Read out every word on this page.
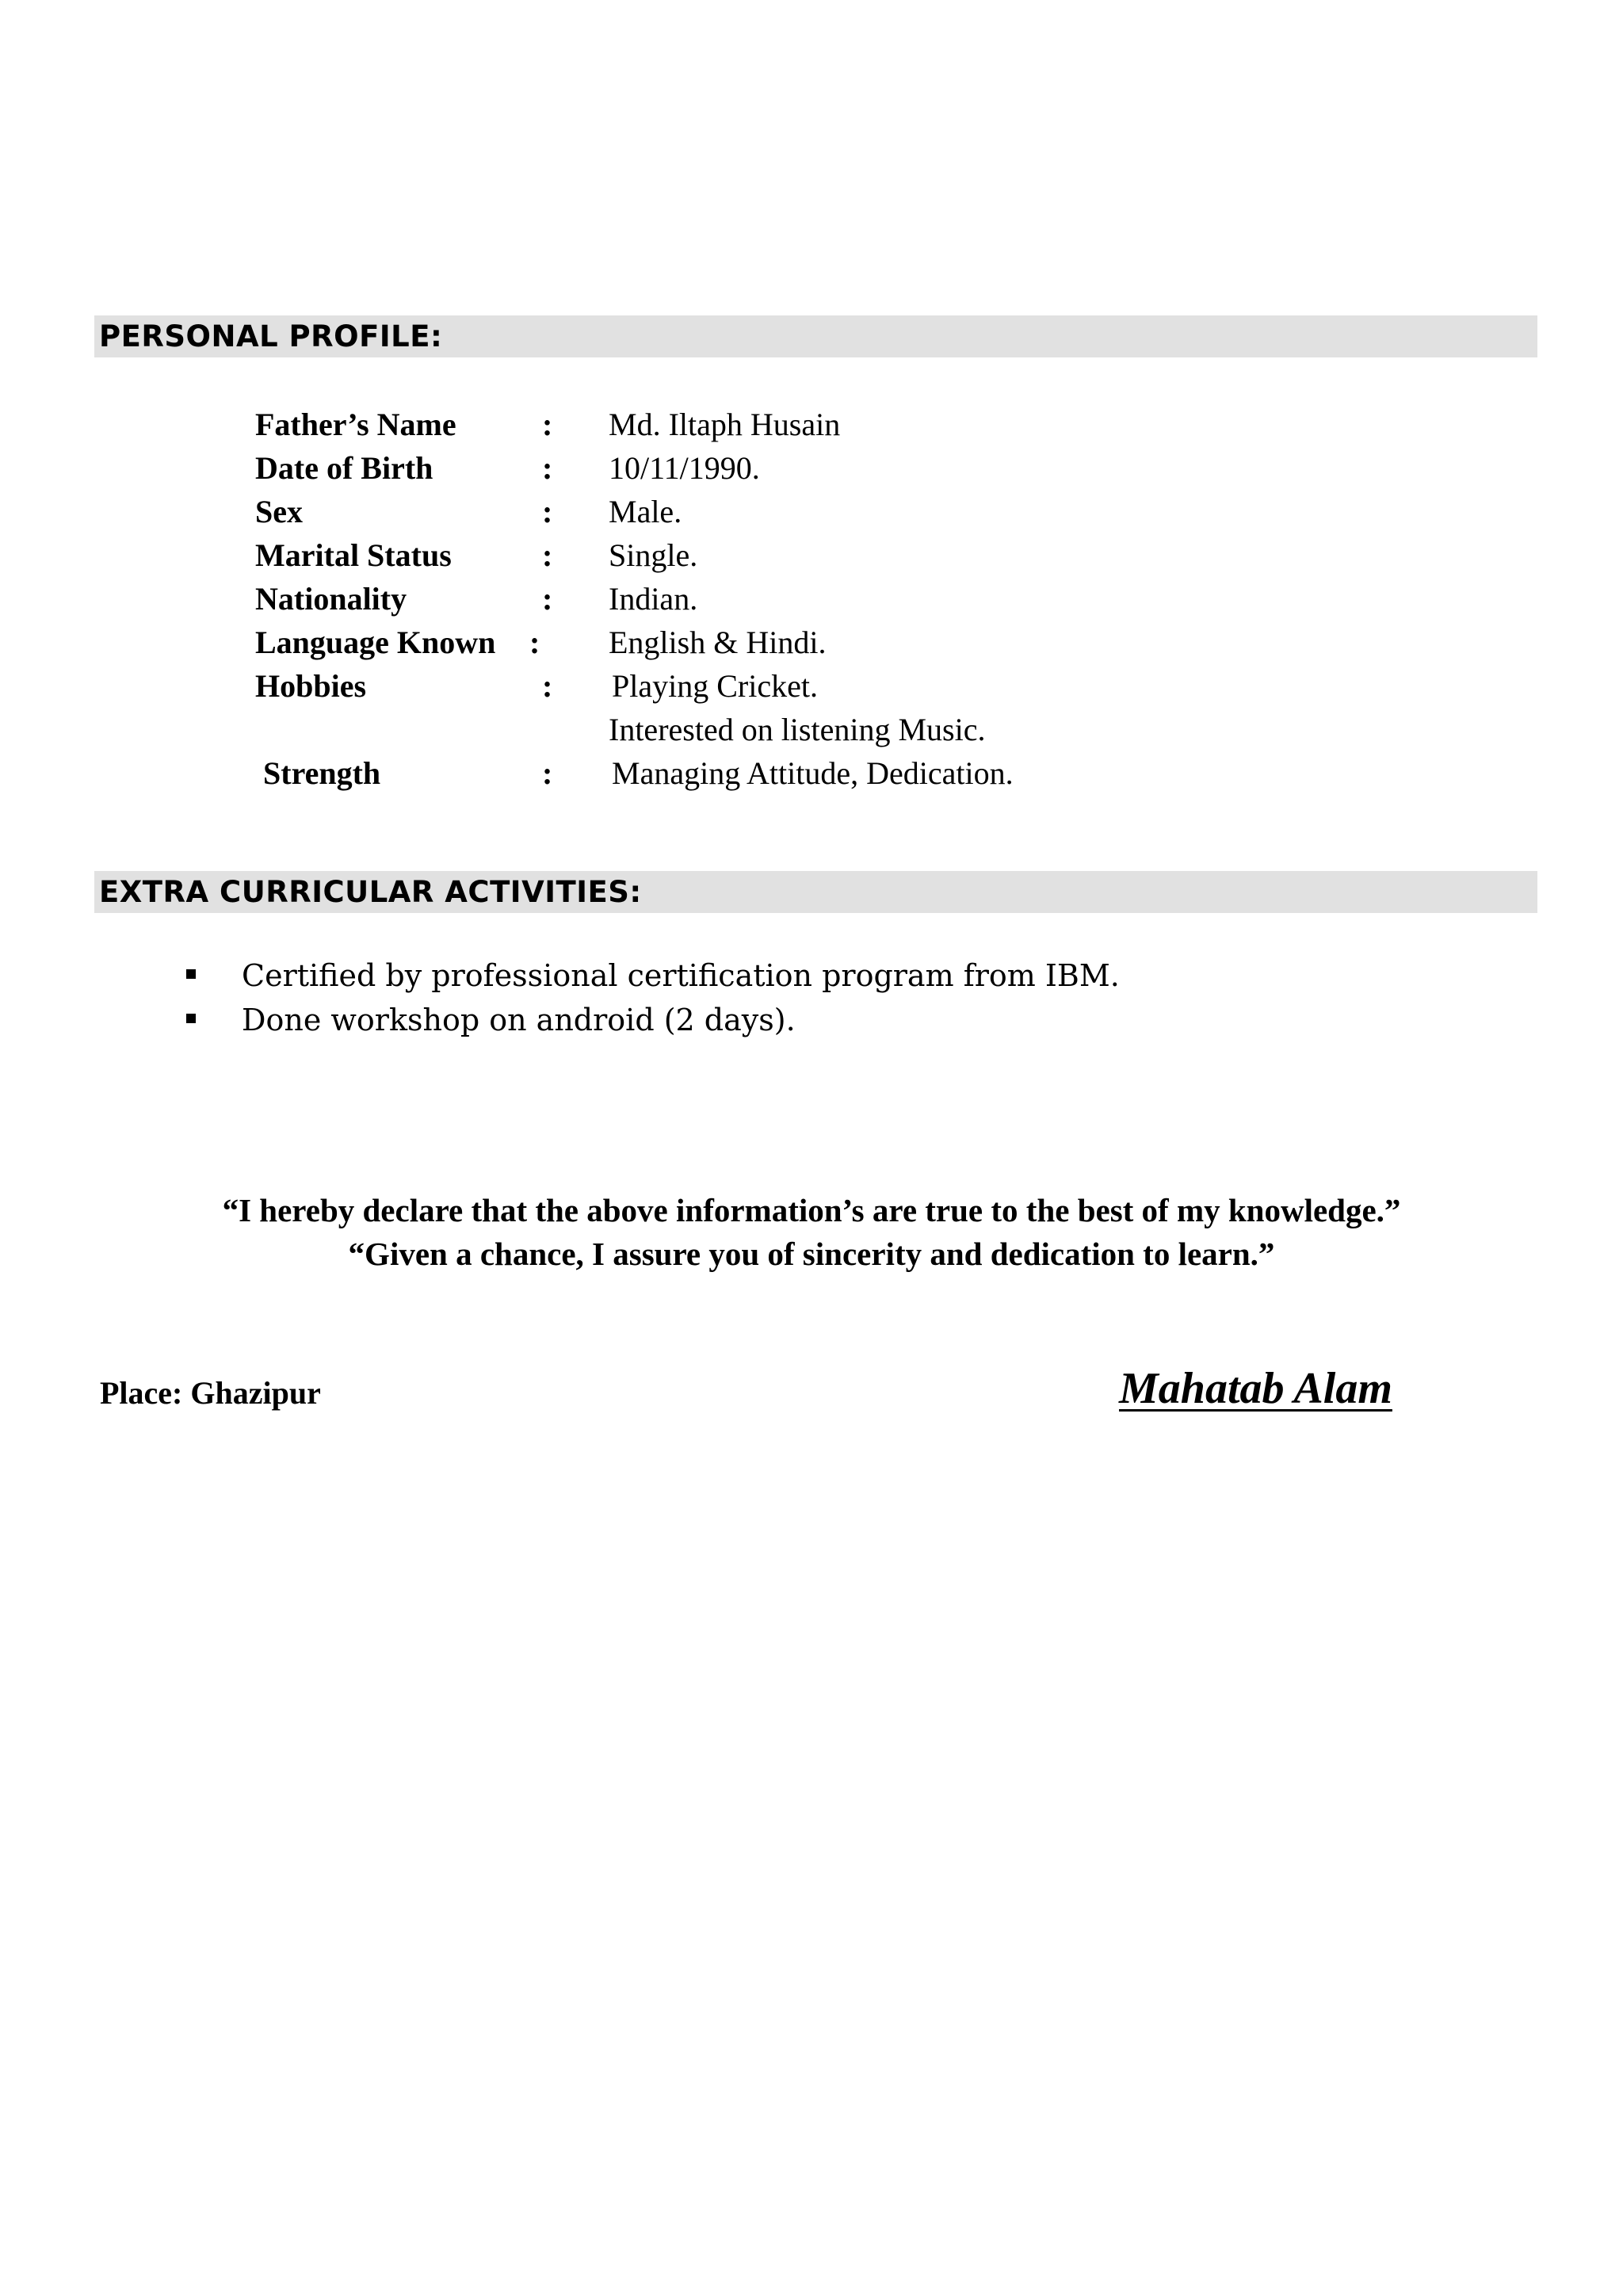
PERSONAL PROFILE:
Father’s Name	: Md. Iltaph Husain
Date of Birth	: 10/11/1990.
Sex	: Male.
Marital Status	: Single.
Nationality	: Indian.
Language Known : English & Hindi.
Hobbies	: Playing Cricket.
Interested on listening Music.
Strength	: Managing Attitude, Dedication.
EXTRA CURRICULAR ACTIVITIES:
Certified by professional certification program from IBM.
Done workshop on android (2 days).
“I hereby declare that the above information’s are true to the best of my knowledge.”
“Given a chance, I assure you of sincerity and dedication to learn.”
Place: Ghazipur	Mahatab Alam
